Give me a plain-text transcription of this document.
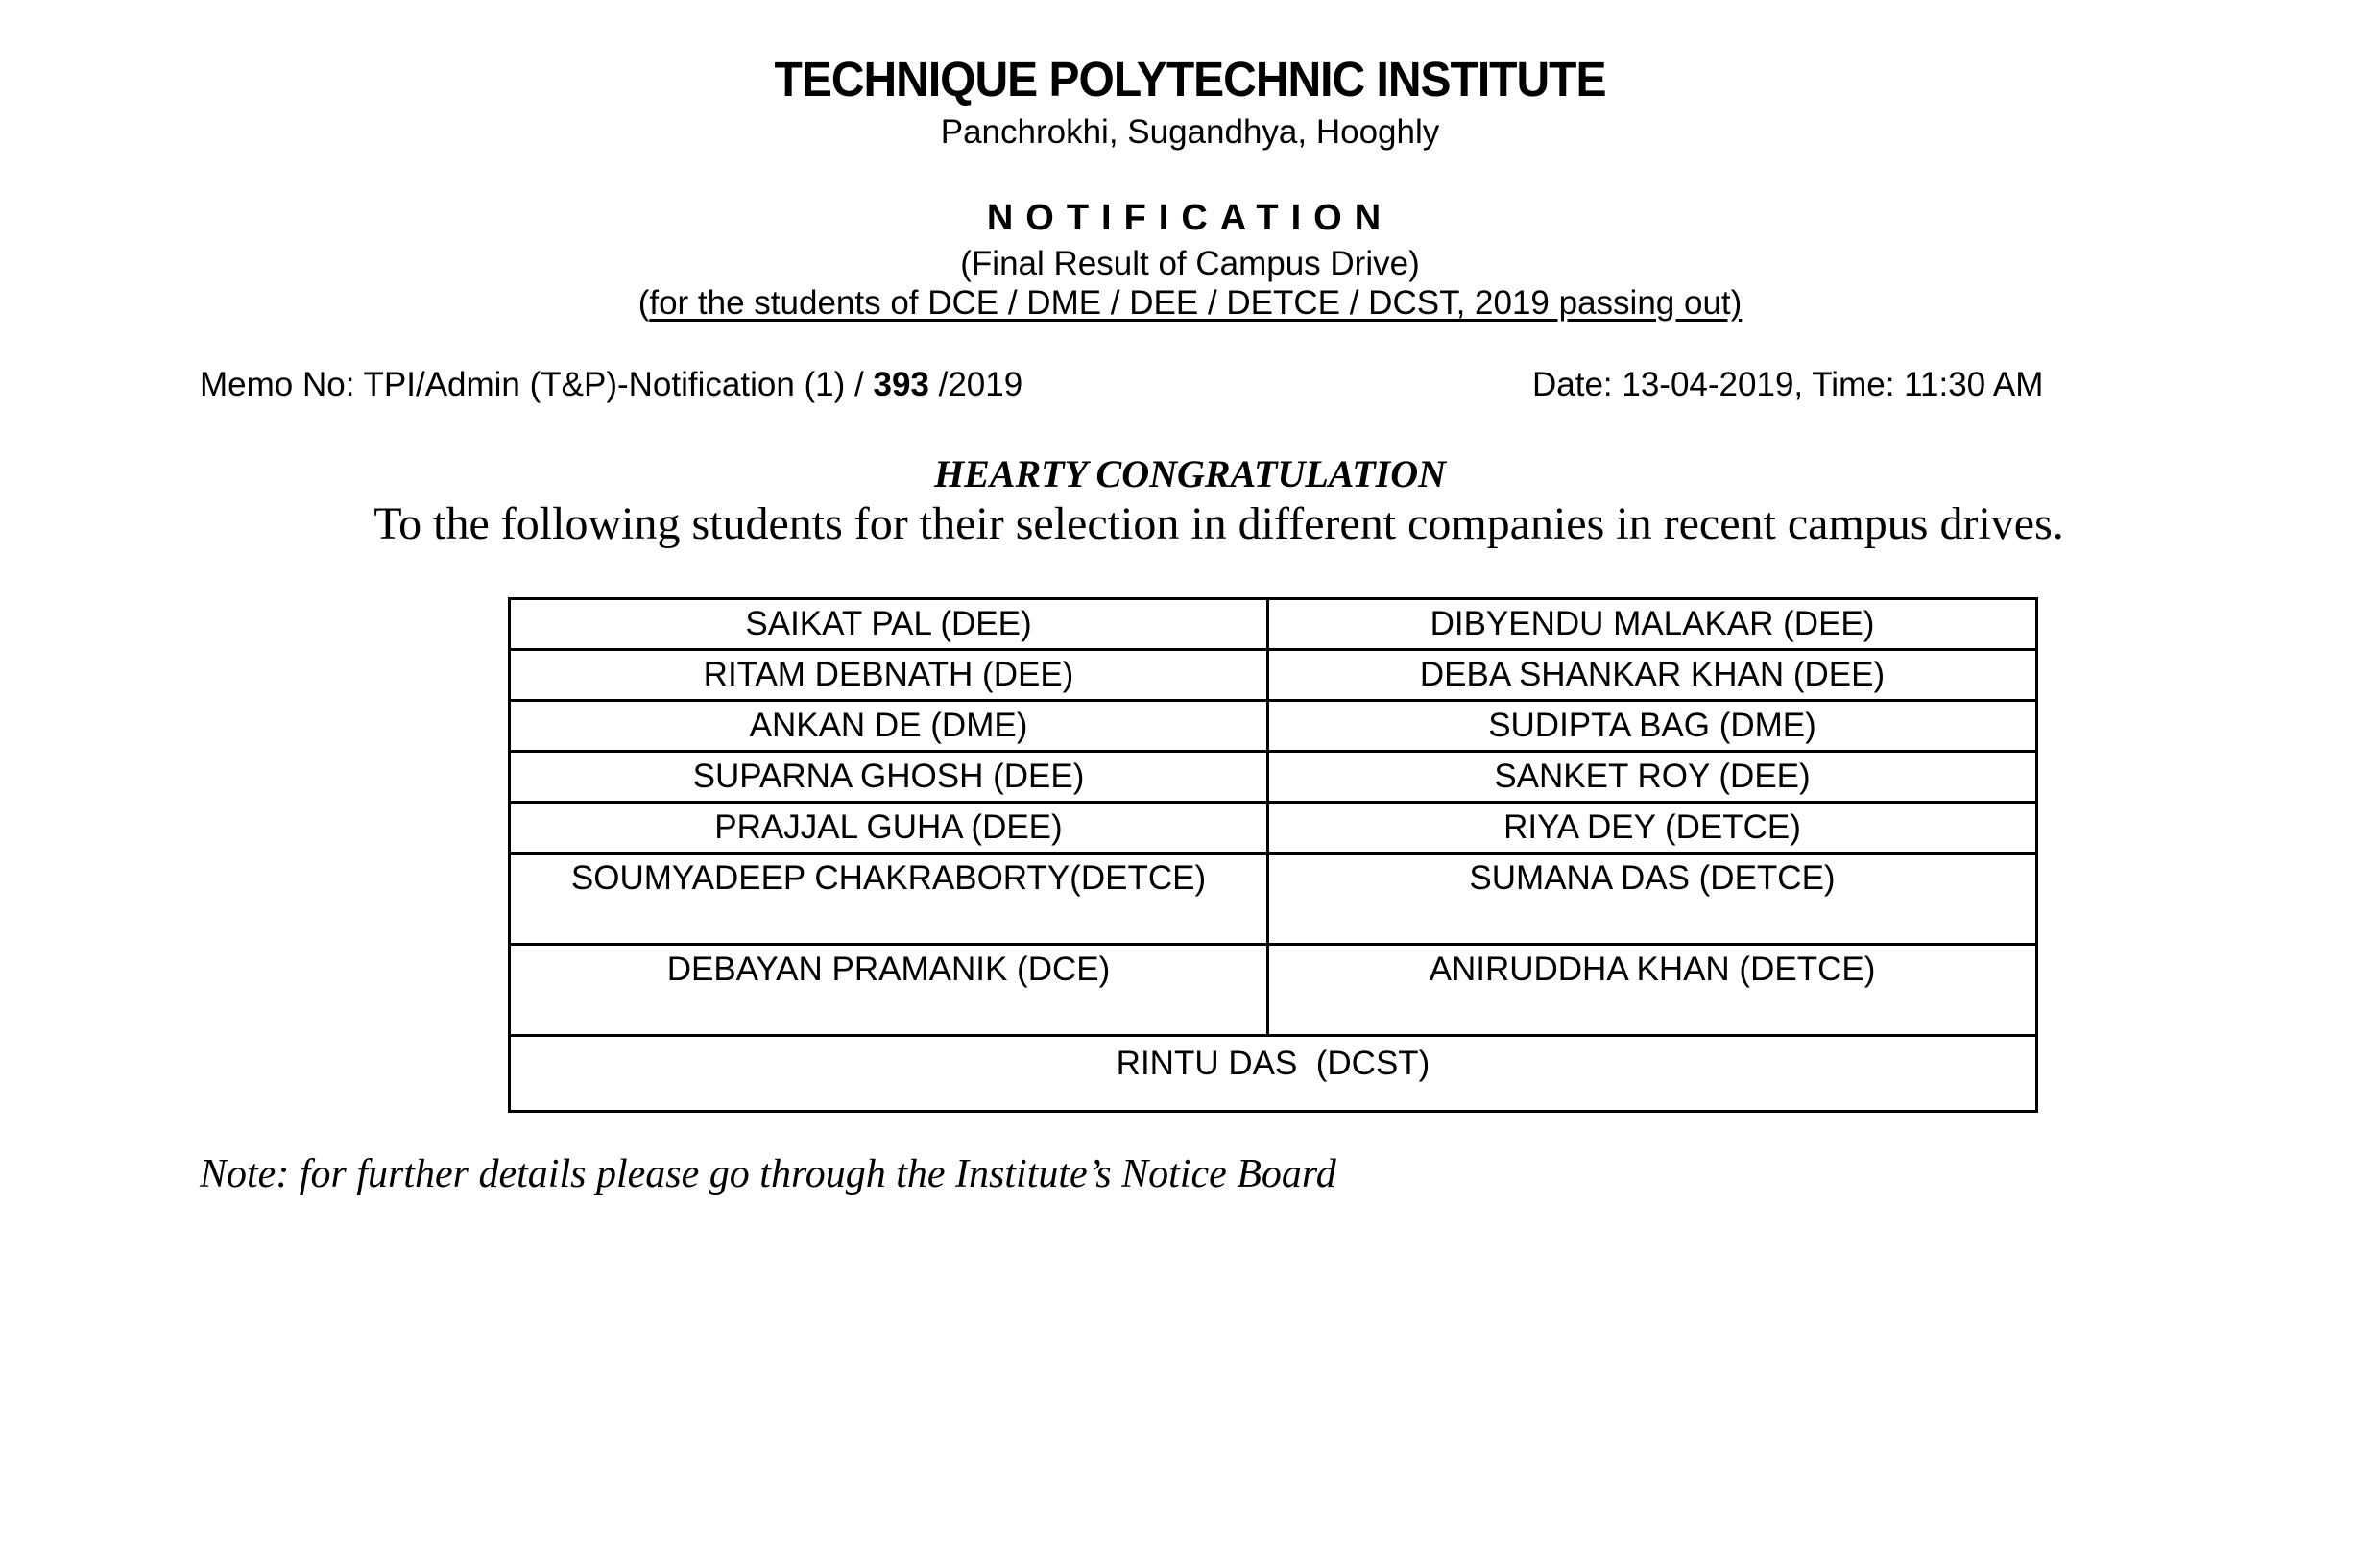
TECHNIQUE POLYTECHNIC INSTITUTE
Panchrokhi, Sugandhya, Hooghly
NOTIFICATION
(Final Result of Campus Drive)
(for the students of DCE / DME / DEE / DETCE / DCST, 2019 passing out)
Memo No: TPI/Admin (T&P)-Notification (1) / 393 /2019	Date: 13-04-2019, Time: 11:30 AM
HEARTY CONGRATULATION
To the following students for their selection in different companies in recent campus drives.
SAIKAT PAL (DEE)	DIBYENDU MALAKAR (DEE)
RITAM DEBNATH (DEE)	DEBA SHANKAR KHAN (DEE)
ANKAN DE (DME)	SUDIPTA BAG (DME)
SUPARNA GHOSH (DEE)	SANKET ROY (DEE)
PRAJJAL GUHA (DEE)	RIYA DEY (DETCE)
SOUMYADEEP CHAKRABORTY(DETCE)	SUMANA DAS (DETCE)
DEBAYAN PRAMANIK (DCE)	ANIRUDDHA KHAN (DETCE)
RINTU DAS  (DCST)	
Note: for further details please go through the Institute’s Notice Board
